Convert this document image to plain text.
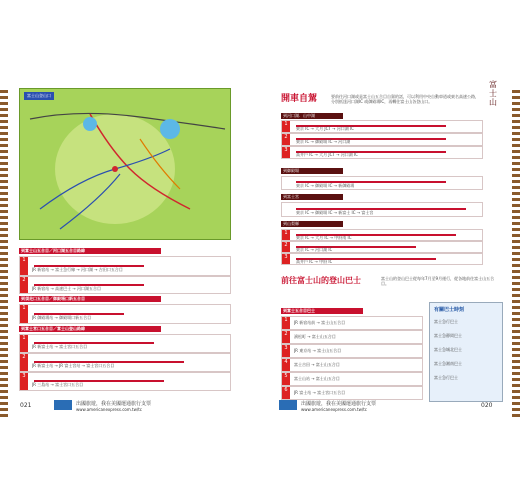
富士山登山口
到富士山五合目／河口湖五合目路線
1
JR 新宿站 → 富士急行線 → 河口湖 → 吉田口五合目
2
JR 新宿站 → 高速巴士 → 河口湖五合目
到須走口五合目／御殿場口新五合目
1
JR 御殿場站 → 御殿場口新五合目
到富士宮口五合目／富士山登山路線
1
JR 新富士站 → 富士宮口五合目
2
JR 新富士站 → JR 富士宮站 → 富士宮口五合目
3
JR 三島站 → 富士宮口五合目
021	出國旅遊，我在美國運通旅行支票
www.americanexpress.com.tw/tc
富士山
開車自駕	要前往河口湖或是富士山五合目自駕的話，可以利用中央自動車道或東名高速公路，分別抵達河口湖IC 或御殿場IC，再轉往富士山各登山口。
到河口湖．山中湖
1
東京 IC → 大月 JCT → 河口湖 IC
2
東京 IC → 御殿場 IC → 河口湖
3
高井戶 IC → 大月 JCT → 河口湖 IC
到御殿場
東京 IC → 御殿場 IC → 新御殿場
到富士宮
東京 IC → 御殿場 IC → 新富士 IC → 富士宮
到山梨縣
1
東京 IC → 大月 IC → 甲府南 IC
2
東京 IC → 河口湖 IC
3
高井戶 IC → 甲府 IC
前往富士山的登山巴士	富士山的登山巴士從每年7月至9月運行，從各地前往富士山五合目。
到富士五合目巴士
1	JR 新宿站前 → 富士山五合目
2	濱松町 → 富士山五合目
3	JR 東京站 → 富士山五合目
4	富士吉田 → 富士山五合目
5	富士山站 → 富士山五合目
6	JR 富士站 → 富士宮口五合目
有關巴士時刻
富士急行巴士
富士急靜岡巴士
富士急城北巴士
富士急湘南巴士
富士急行巴士
出國旅遊，我在美國運通旅行支票
www.americanexpress.com.tw/tc
020
